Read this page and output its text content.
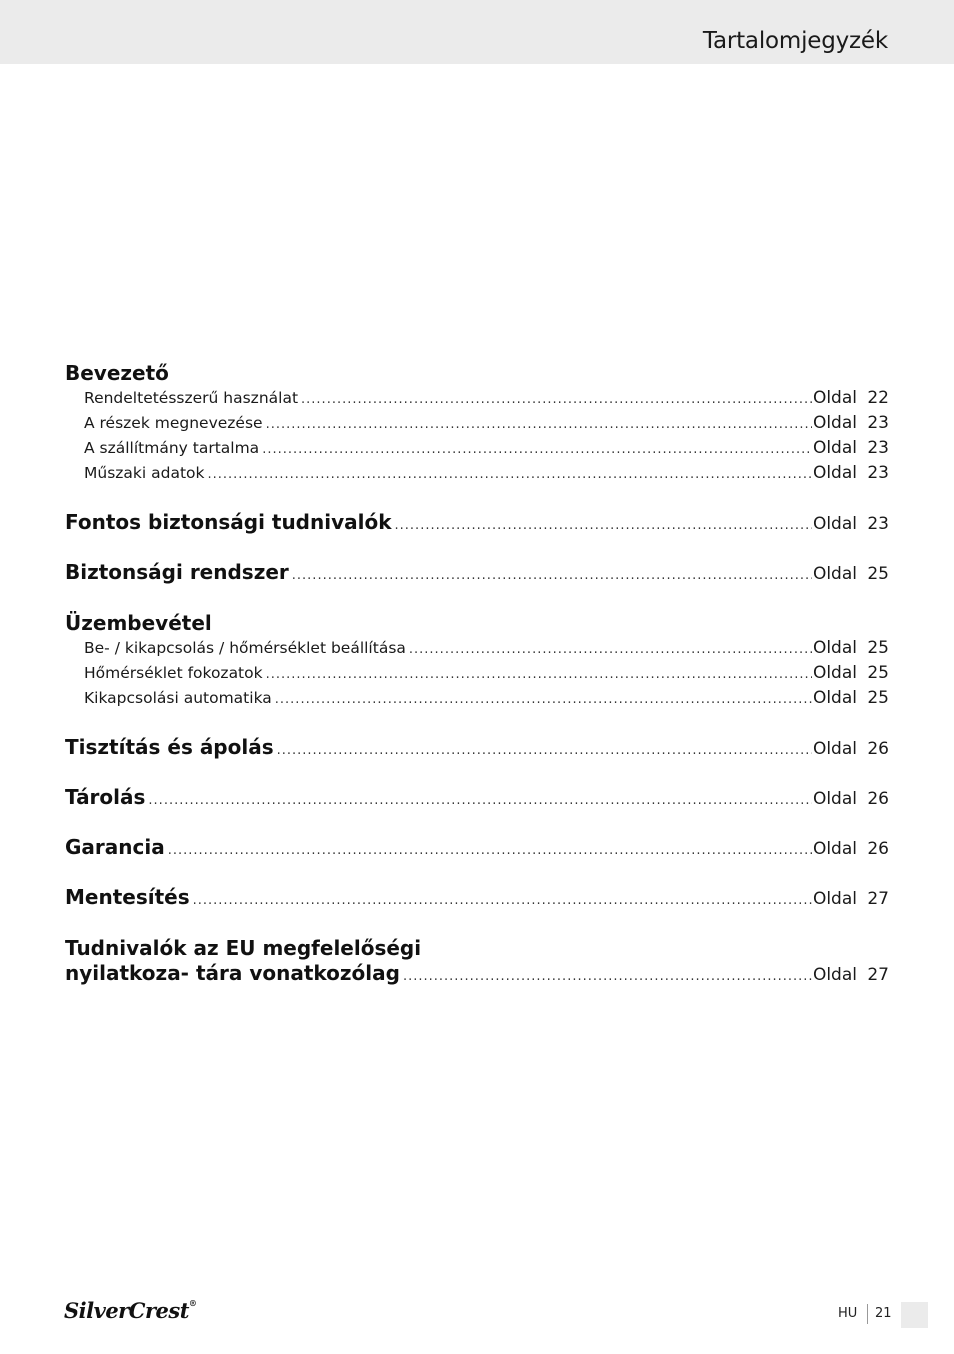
Tartalomjegyzék
Bevezető
Rendeltetésszerű használat .....	Oldal 22
A részek megnevezése .....	Oldal 23
A szállítmány tartalma .....	Oldal 23
Műszaki adatok .....	Oldal 23
Fontos biztonsági tudnivalók .....	Oldal 23
Biztonsági rendszer .....	Oldal 25
Üzembevétel
Be- / kikapcsolás / hőmérséklet beállítása .....	Oldal 25
Hőmérséklet fokozatok .....	Oldal 25
Kikapcsolási automatika .....	Oldal 25
Tisztítás és ápolás .....	Oldal 26
Tárolás .....	Oldal 26
Garancia .....	Oldal 26
Mentesítés .....	Oldal 27
Tudnivalók az EU megfelelőségi
nyilatkoza- tára vonatkozólag .....	Oldal 27
SilverCrest®
HU 21
